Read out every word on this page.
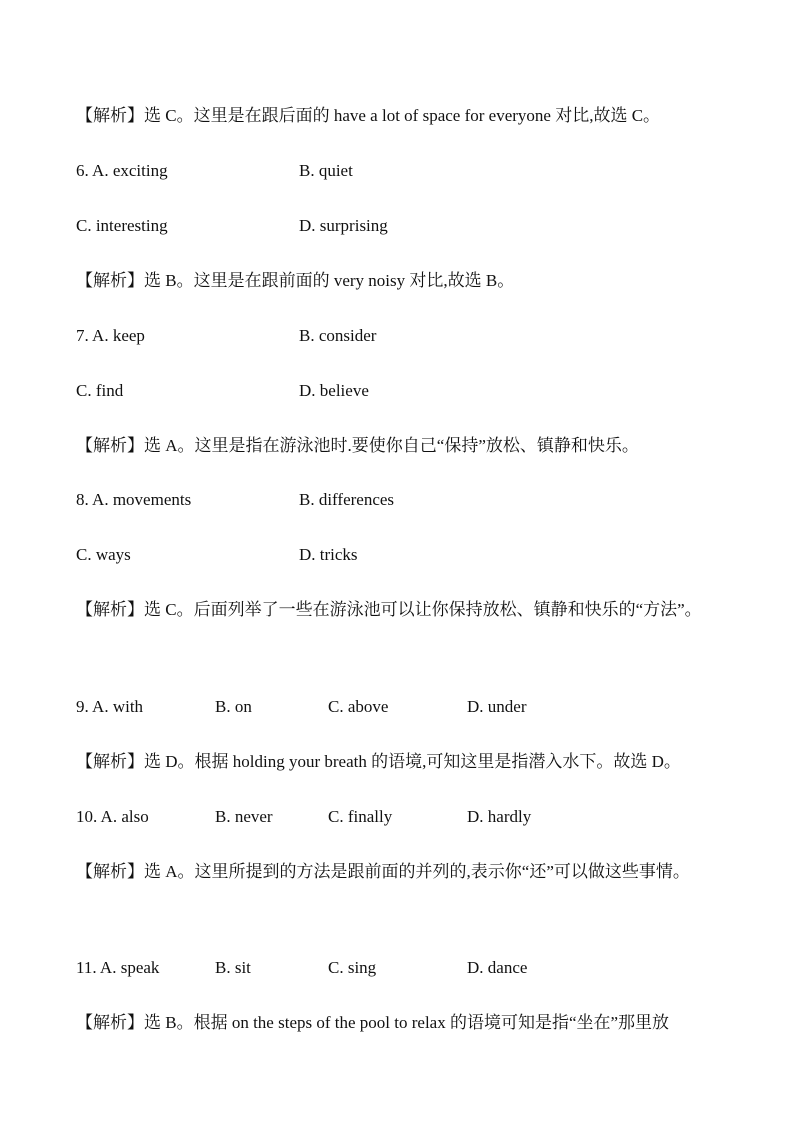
【解析】选 C。这里是在跟后面的 have a lot of space for everyone 对比,故选 C。
6. A. exciting	B. quiet
C. interesting	D. surprising
【解析】选 B。这里是在跟前面的 very noisy 对比,故选 B。
7. A. keep	B. consider
C. find	D. believe
【解析】选 A。这里是指在游泳池时.要使你自己“保持”放松、镇静和快乐。
8. A. movements	B. differences
C. ways	D. tricks
【解析】选 C。后面列举了一些在游泳池可以让你保持放松、镇静和快乐的“方法”。
9. A. with	B. on	C. above	D. under
【解析】选 D。根据 holding your breath 的语境,可知这里是指潜入水下。故选 D。
10. A. also	B. never	C. finally	D. hardly
【解析】选 A。这里所提到的方法是跟前面的并列的,表示你“还”可以做这些事情。
11. A. speak	B. sit	C. sing	D. dance
【解析】选 B。根据 on the steps of the pool to relax 的语境可知是指“坐在”那里放
